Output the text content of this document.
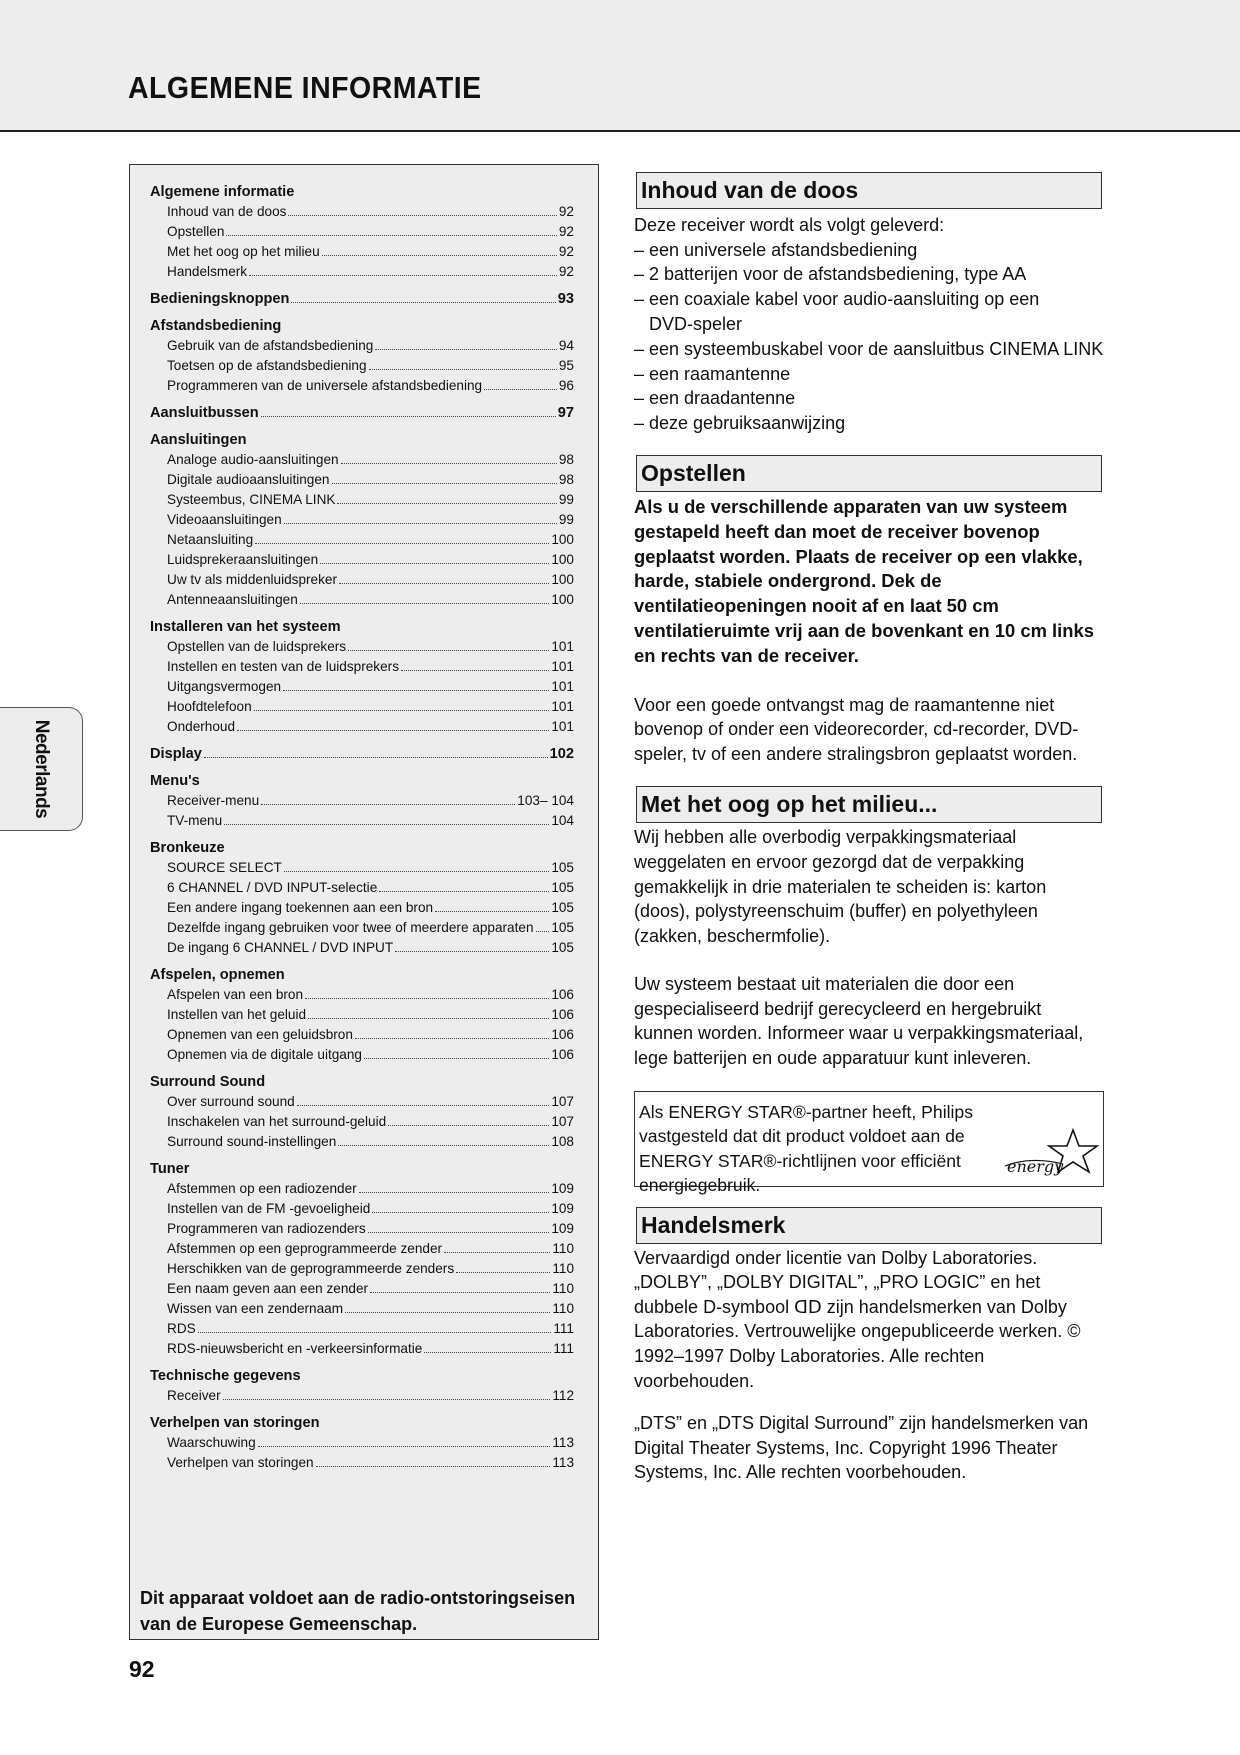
ALGEMENE INFORMATIE
Nederlands
Algemene informatie
Inhoud van de doos	92
Opstellen	92
Met het oog op het milieu	92
Handelsmerk	92
Bedieningsknoppen	93
Afstandsbediening
Gebruik van de afstandsbediening	94
Toetsen op de afstandsbediening	95
Programmeren van de universele afstandsbediening	96
Aansluitbussen	97
Aansluitingen
Analoge audio-aansluitingen	98
Digitale audioaansluitingen	98
Systeembus, CINEMA LINK	99
Videoaansluitingen	99
Netaansluiting	100
Luidsprekeraansluitingen	100
Uw tv als middenluidspreker	100
Antenneaansluitingen	100
Installeren van het systeem
Opstellen van de luidsprekers	101
Instellen en testen van de luidsprekers	101
Uitgangsvermogen	101
Hoofdtelefoon	101
Onderhoud	101
Display	102
Menu's
Receiver-menu	103– 104
TV-menu	104
Bronkeuze
SOURCE SELECT	105
6 CHANNEL / DVD INPUT-selectie	105
Een andere ingang toekennen aan een bron	105
Dezelfde ingang gebruiken voor twee of meerdere apparaten 105
De ingang 6 CHANNEL / DVD INPUT	105
Afspelen, opnemen
Afspelen van een bron	106
Instellen van het geluid	106
Opnemen van een geluidsbron	106
Opnemen via de digitale uitgang	106
Surround Sound
Over surround sound	107
Inschakelen van het surround-geluid	107
Surround sound-instellingen	108
Tuner
Afstemmen op een radiozender	109
Instellen van de FM -gevoeligheid	109
Programmeren van radiozenders	109
Afstemmen op een geprogrammeerde zender	110
Herschikken van de geprogrammeerde zenders	110
Een naam geven aan een zender	110
Wissen van een zendernaam	110
RDS	111
RDS-nieuwsbericht en -verkeersinformatie	111
Technische gegevens
Receiver	112
Verhelpen van storingen
Waarschuwing	113
Verhelpen van storingen	113
Dit apparaat voldoet aan de radio-ontstoringseisen van de Europese Gemeenschap.
92
Inhoud van de doos
Deze receiver wordt als volgt geleverd:
– een universele afstandsbediening
– 2 batterijen voor de afstandsbediening, type AA
– een coaxiale kabel voor audio-aansluiting op een DVD-speler
– een systeembuskabel voor de aansluitbus CINEMA LINK
– een raamantenne
– een draadantenne
– deze gebruiksaanwijzing
Opstellen
Als u de verschillende apparaten van uw systeem gestapeld heeft dan moet de receiver bovenop geplaatst worden. Plaats de receiver op een vlakke, harde, stabiele ondergrond. Dek de ventilatieopeningen nooit af en laat 50 cm ventilatieruimte vrij aan de bovenkant en 10 cm links en rechts van de receiver.
Voor een goede ontvangst mag de raamantenne niet bovenop of onder een videorecorder, cd-recorder, DVD-speler, tv of een andere stralingsbron geplaatst worden.
Met het oog op het milieu...
Wij hebben alle overbodig verpakkingsmateriaal weggelaten en ervoor gezorgd dat de verpakking gemakkelijk in drie materialen te scheiden is: karton (doos), polystyreenschuim (buffer) en polyethyleen (zakken, beschermfolie).
Uw systeem bestaat uit materialen die door een gespecialiseerd bedrijf gerecycleerd en hergebruikt kunnen worden. Informeer waar u verpakkingsmateriaal, lege batterijen en oude apparatuur kunt inleveren.
Als ENERGY STAR®-partner heeft, Philips vastgesteld dat dit product voldoet aan de ENERGY STAR®-richtlijnen voor efficiënt energiegebruik.
energy
Handelsmerk
Vervaardigd onder licentie van Dolby Laboratories. „DOLBY”, „DOLBY DIGITAL”, „PRO LOGIC” en het dubbele D-symbool ᗡᗞ zijn handelsmerken van Dolby Laboratories. Vertrouwelijke ongepubliceerde werken. © 1992–1997 Dolby Laboratories. Alle rechten voorbehouden.
„DTS” en „DTS Digital Surround” zijn handelsmerken van Digital Theater Systems, Inc. Copyright 1996 Theater Systems, Inc. Alle rechten voorbehouden.
